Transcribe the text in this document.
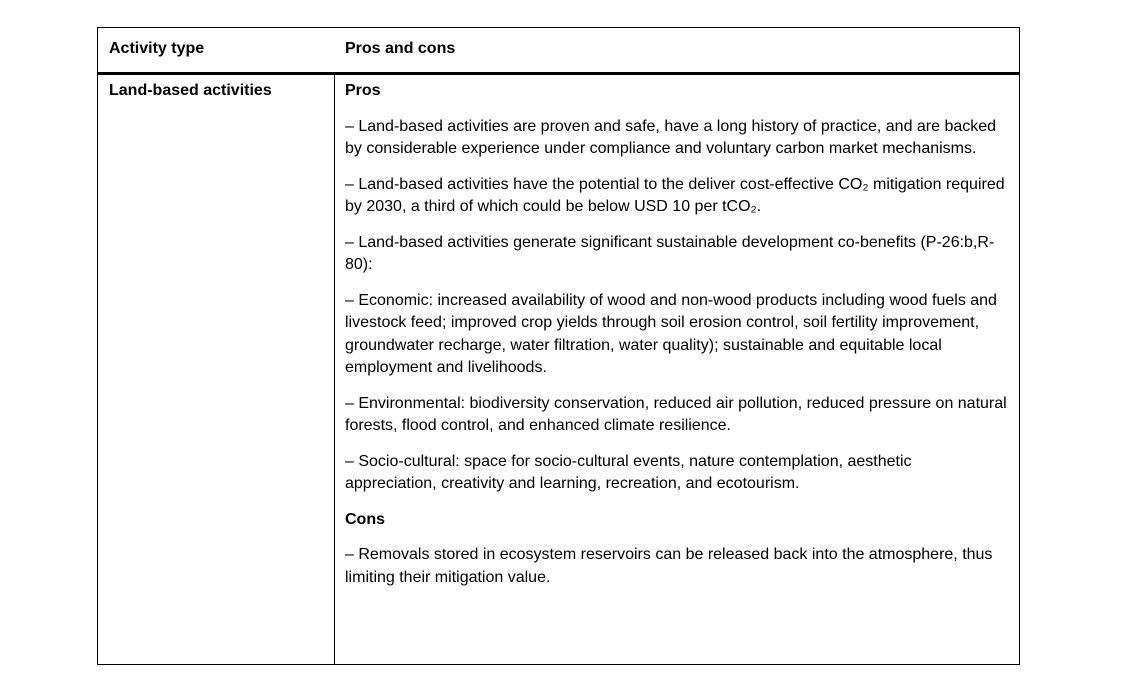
Activity type	Pros and cons
Land-based activities	Pros

– Land-based activities are proven and safe, have a long history of practice, and are backed by considerable experience under compliance and voluntary carbon market mechanisms.

– Land-based activities have the potential to the deliver cost-effective CO₂ mitigation required by 2030, a third of which could be below USD 10 per tCO₂.

– Land-based activities generate significant sustainable development co-benefits (P-26:b,R-80):

– Economic: increased availability of wood and non-wood products including wood fuels and livestock feed; improved crop yields through soil erosion control, soil fertility improvement, groundwater recharge, water filtration, water quality); sustainable and equitable local employment and livelihoods.

– Environmental: biodiversity conservation, reduced air pollution, reduced pressure on natural forests, flood control, and enhanced climate resilience.

– Socio-cultural: space for socio-cultural events, nature contemplation, aesthetic appreciation, creativity and learning, recreation, and ecotourism.

Cons

– Removals stored in ecosystem reservoirs can be released back into the atmosphere, thus limiting their mitigation value.
